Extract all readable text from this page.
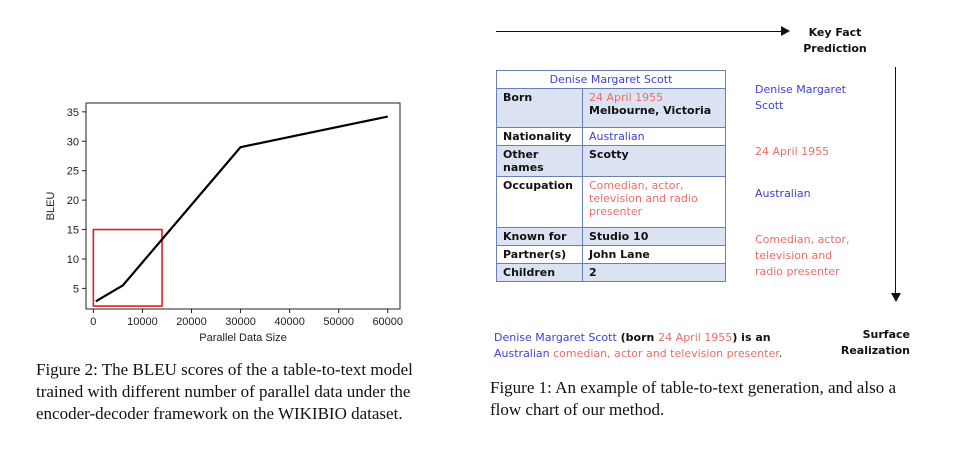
0	10000 20000 30000 40000 50000 60000
5
10
15
20
25
30
35
Parallel Data Size
BLEU
Figure 2: The BLEU scores of the a table-to-text model trained with different number of parallel data under the encoder-decoder framework on the WIKIBIO dataset.
Key Fact
Prediction
Surface
Realization
Denise Margaret Scott	
Born	24 April 1955
Melbourne, Victoria

Nationality	Australian
Other names	Scotty
Occupation	Comedian, actor, television and radio presenter
Known for	Studio 10
Partner(s)	John Lane
Children	2
Denise Margaret Scott
24 April 1955
Australian
Comedian, actor, television and radio presenter
Denise Margaret Scott (born 24 April 1955) is an
Australian comedian, actor and television presenter.
Figure 1: An example of table-to-text generation, and also a flow chart of our method.
